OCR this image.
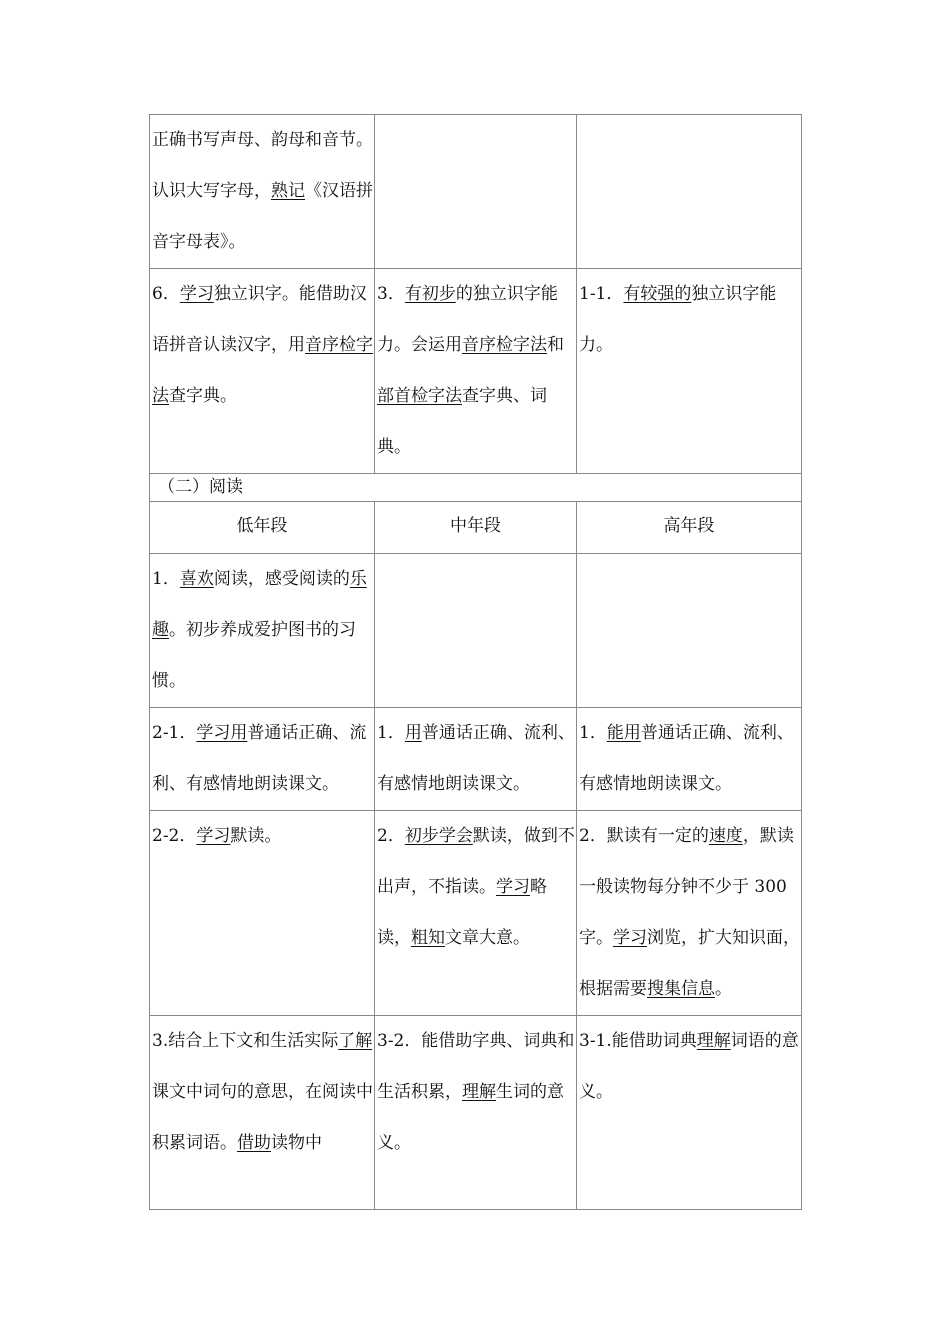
正确书写声母、韵母和音节。认识大写字母，熟记《汉语拼音字母表》。		

6．学习独立识字。能借助汉语拼音认读汉字，用音序检字法查字典。	3．有初步的独立识字能力。会运用音序检字法和部首检字法查字典、词典。	1-1．有较强的独立识字能力。

（二）阅读		

低年段	中年段	高年段

1．喜欢阅读，感受阅读的乐趣。初步养成爱护图书的习惯。		

2-1．学习用普通话正确、流利、有感情地朗读课文。	1．用普通话正确、流利、有感情地朗读课文。	1．能用普通话正确、流利、有感情地朗读课文。

2-2．学习默读。	2．初步学会默读，做到不出声，不指读。学习略读，粗知文章大意。	2．默读有一定的速度，默读一般读物每分钟不少于 300 字。学习浏览，扩大知识面，根据需要搜集信息。

3.结合上下文和生活实际了解课文中词句的意思，在阅读中积累词语。借助读物中	3-2．能借助字典、词典和生活积累，理解生词的意义。	3-1.能借助词典理解词语的意义。
